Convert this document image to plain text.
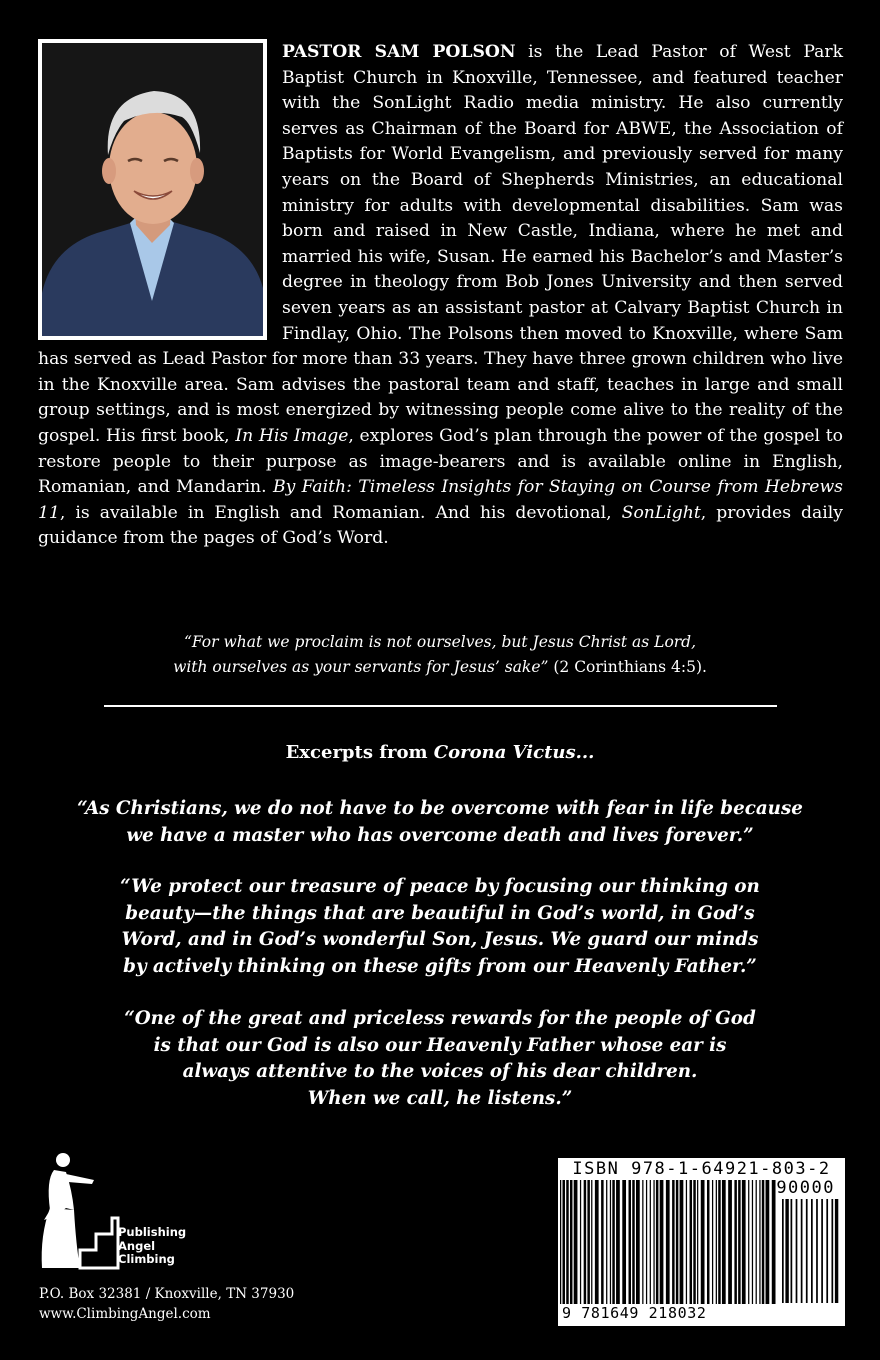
PASTOR SAM POLSON is the Lead Pastor of West Park Baptist Church in Knoxville, Tennessee, and featured teacher with the SonLight Radio media ministry. He also currently serves as Chairman of the Board for ABWE, the Association of Baptists for World Evangelism, and previously served for many years on the Board of Shepherds Ministries, an educational ministry for adults with developmental disabilities. Sam was born and raised in New Castle, Indiana, where he met and married his wife, Susan. He earned his Bachelor’s and Master’s degree in theology from Bob Jones University and then served seven years as an assistant pastor at Calvary Baptist Church in Findlay, Ohio. The Polsons then moved to Knoxville, where Sam has served as Lead Pastor for more than 33 years. They have three grown children who live in the Knoxville area. Sam advises the pastoral team and staff, teaches in large and small group settings, and is most energized by witnessing people come alive to the reality of the gospel. His first book, In His Image, explores God’s plan through the power of the gospel to restore people to their purpose as image-bearers and is available online in English, Romanian, and Mandarin. By Faith: Timeless Insights for Staying on Course from Hebrews 11, is available in English and Romanian. And his devotional, SonLight, provides daily guidance from the pages of God’s Word.

“For what we proclaim is not ourselves, but Jesus Christ as Lord,
with ourselves as your servants for Jesus’ sake” (2 Corinthians 4:5).
Excerpts from Corona Victus...
“As Christians, we do not have to be overcome with fear in life because
we have a master who has overcome death and lives forever.”
“We protect our treasure of peace by focusing our thinking on
beauty—the things that are beautiful in God’s world, in God’s
Word, and in God’s wonderful Son, Jesus. We guard our minds
by actively thinking on these gifts from our Heavenly Father.”
“One of the great and priceless rewards for the people of God
is that our God is also our Heavenly Father whose ear is
always attentive to the voices of his dear children.
When we call, he listens.”
Publishing
Angel
Climbing
P.O. Box 32381 / Knoxville, TN 37930
www.ClimbingAngel.com
ISBN 978-1-64921-803-2
90000
9 781649 218032
